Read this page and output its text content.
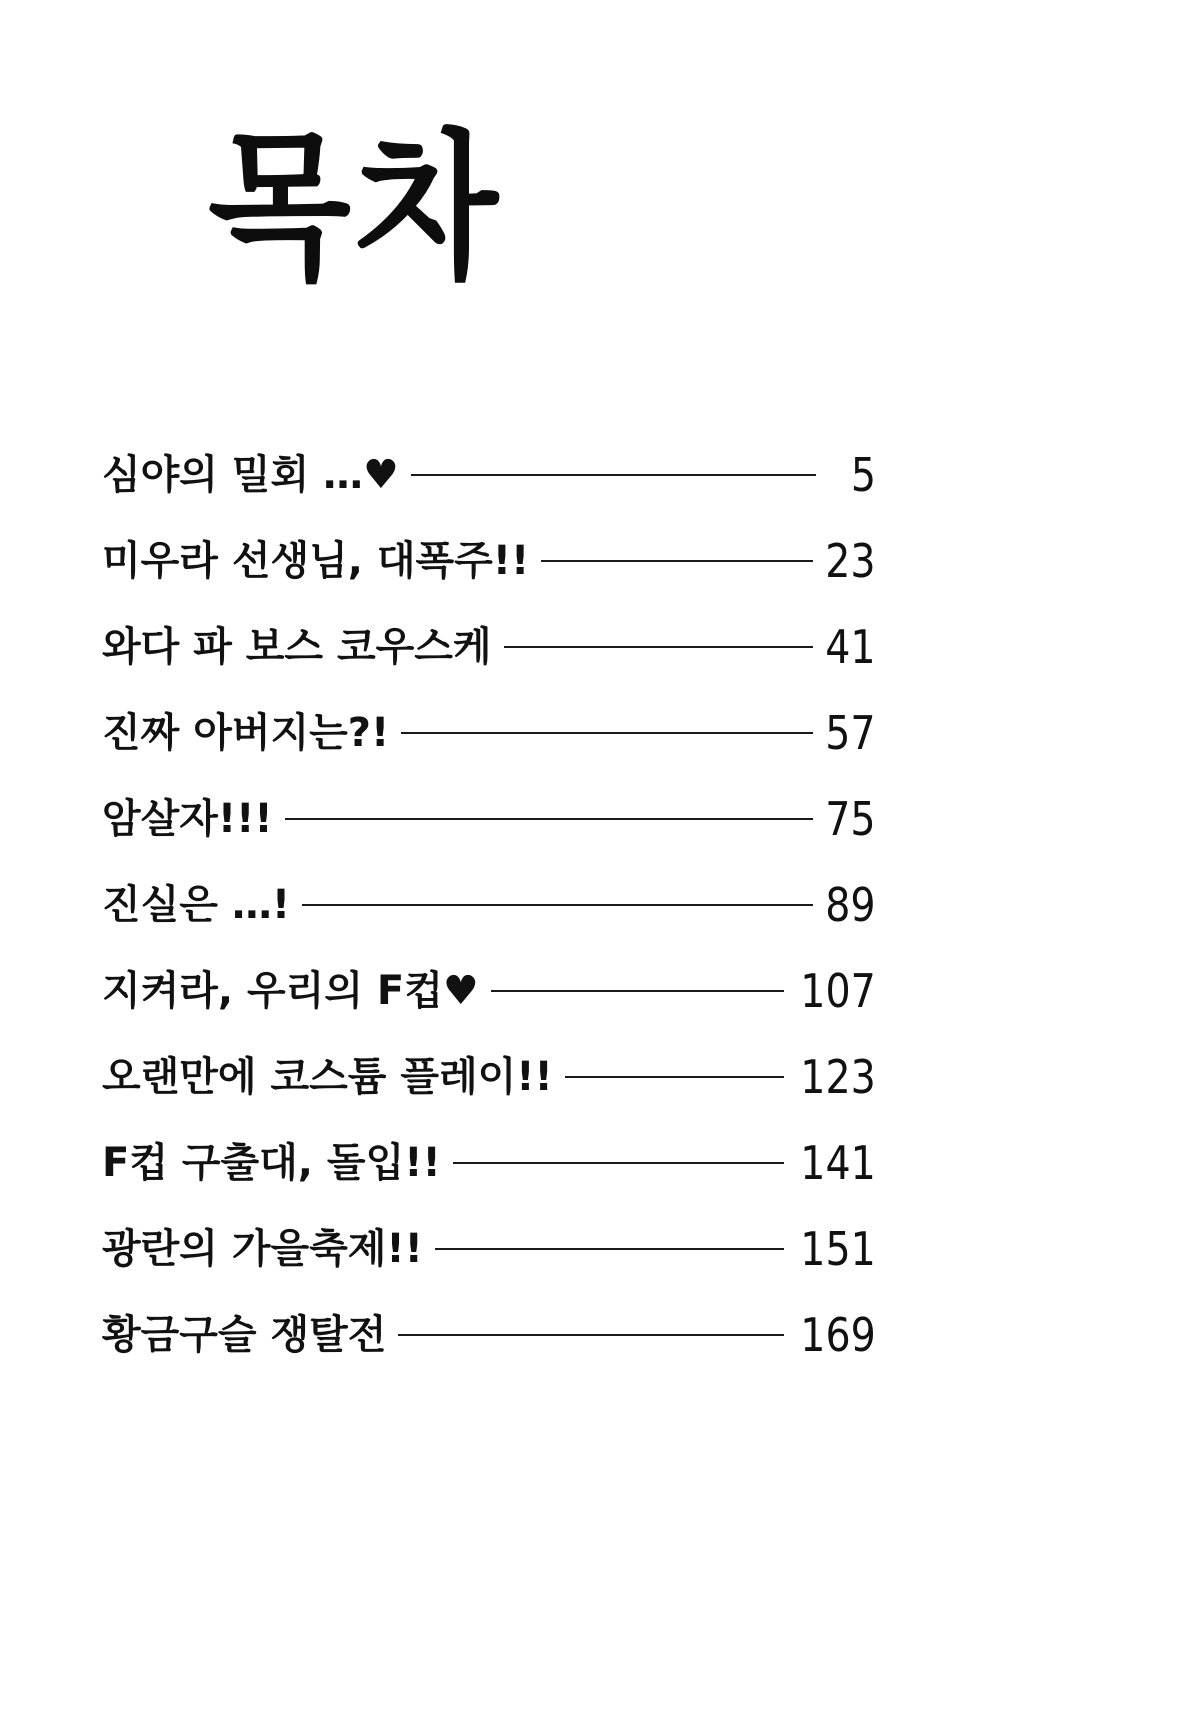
목차
심야의 밀회 …♥	5
미우라 선생님, 대폭주!!	23
와다 파 보스 코우스케	41
진짜 아버지는?!	57
암살자!!!	75
진실은 …!	89
지켜라, 우리의 F컵♥	107
오랜만에 코스튬 플레이!!	123
F컵 구출대, 돌입!!	141
광란의 가을축제!!	151
황금구슬 쟁탈전	169
